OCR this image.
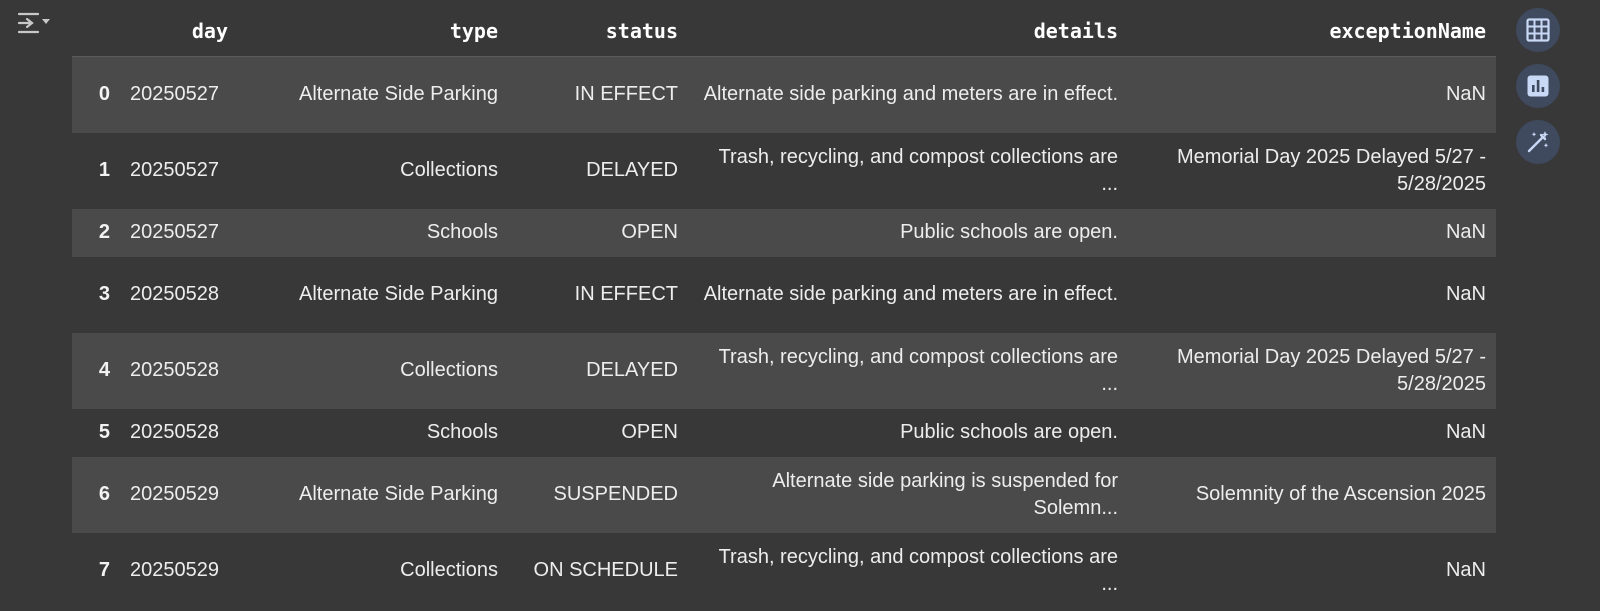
	day	type	status	details	exceptionName
0	20250527	Alternate Side Parking	IN EFFECT	Alternate side parking and meters are in effect.	NaN
1	20250527	Collections	DELAYED	Trash, recycling, and compost collections are ...	Memorial Day 2025 Delayed 5/27 - 5/28/2025
2	20250527	Schools	OPEN	Public schools are open.	NaN
3	20250528	Alternate Side Parking	IN EFFECT	Alternate side parking and meters are in effect.	NaN
4	20250528	Collections	DELAYED	Trash, recycling, and compost collections are ...	Memorial Day 2025 Delayed 5/27 - 5/28/2025
5	20250528	Schools	OPEN	Public schools are open.	NaN
6	20250529	Alternate Side Parking	SUSPENDED	Alternate side parking is suspended for Solemn...	Solemnity of the Ascension 2025
7	20250529	Collections	ON SCHEDULE	Trash, recycling, and compost collections are ...	NaN
